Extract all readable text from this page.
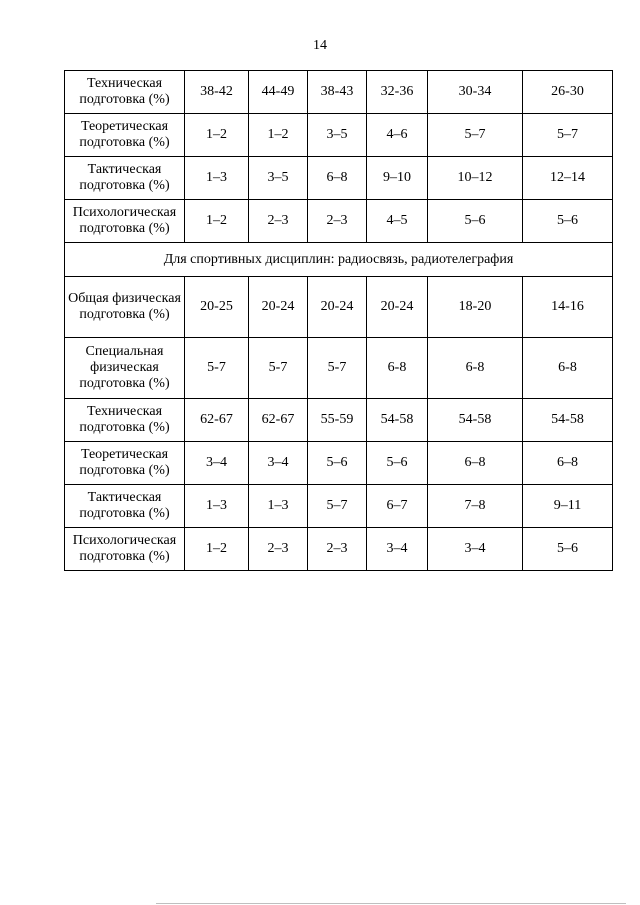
14
Техническая подготовка (%)	38-42	44-49	38-43	32-36	30-34	26-30
Теоретическая подготовка (%)	1–2	1–2	3–5	4–6	5–7	5–7
Тактическая подготовка (%)	1–3	3–5	6–8	9–10	10–12	12–14
Психологическая подготовка (%)	1–2	2–3	2–3	4–5	5–6	5–6
Для спортивных дисциплин: радиосвязь, радиотелеграфия						
Общая физическая подготовка (%)	20-25	20-24	20-24	20-24	18-20	14-16
Специальная физическая подготовка (%)	5-7	5-7	5-7	6-8	6-8	6-8
Техническая подготовка (%)	62-67	62-67	55-59	54-58	54-58	54-58
Теоретическая подготовка (%)	3–4	3–4	5–6	5–6	6–8	6–8
Тактическая подготовка (%)	1–3	1–3	5–7	6–7	7–8	9–11
Психологическая подготовка (%)	1–2	2–3	2–3	3–4	3–4	5–6
